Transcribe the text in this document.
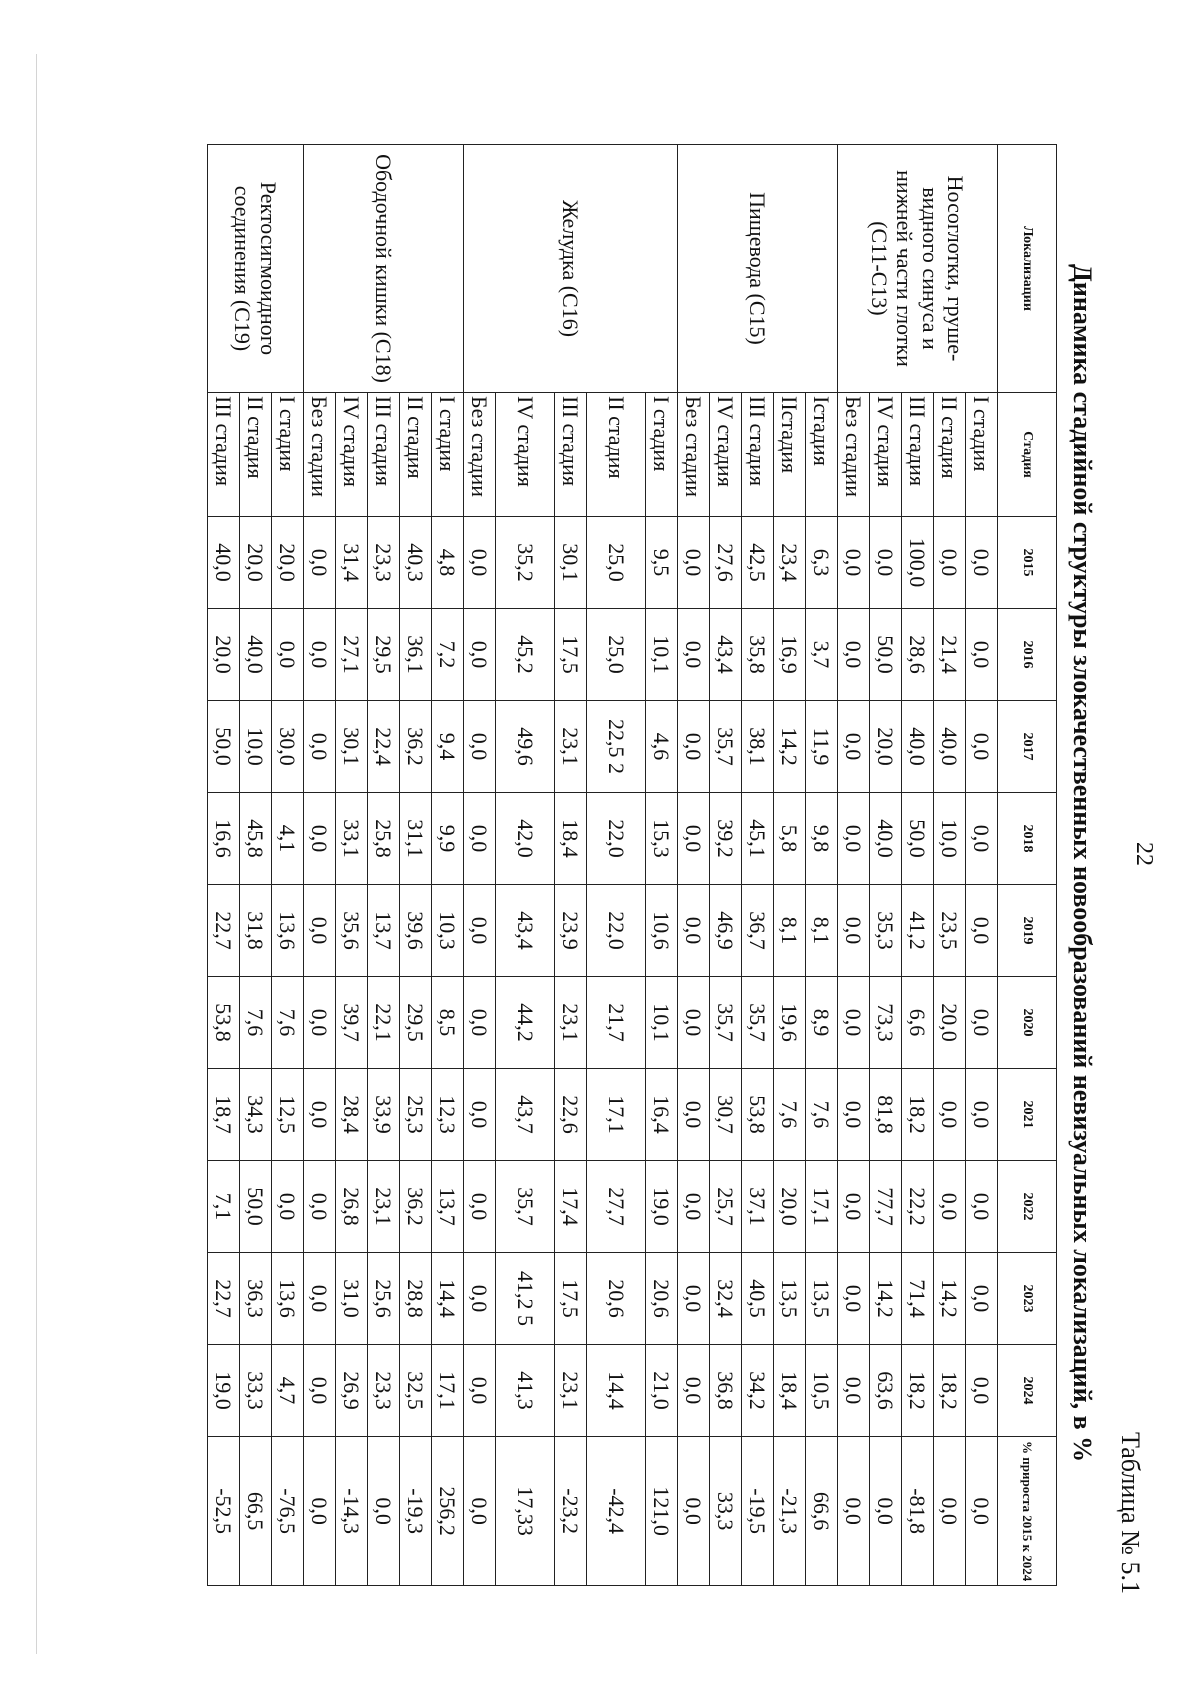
22
Таблица № 5.1
Динамика стадийной структуры злокачественных новообразований невизуальных локализаций, в %
Локализации	Стадия	2015	2016	2017	2018	2019	2020	2021	2022	2023	2024	% прироста 2015 к 2024
Носоглотки, груше-видного синуса и нижней части глотки (С11-С13)	I стадия	0,0	0,0	0,0	0,0	0,0	0,0	0,0	0,0	0,0	0,0	0,0
	II стадия	0,0	21,4	40,0	10,0	23,5	20,0	0,0	0,0	14,2	18,2	0,0
	III стадия	100,0	28,6	40,0	50,0	41,2	6,6	18,2	22,2	71,4	18,2	-81,8
	IV стадия	0,0	50,0	20,0	40,0	35,3	73,3	81,8	77,7	14,2	63,6	0,0
	Без стадии	0,0	0,0	0,0	0,0	0,0	0,0	0,0	0,0	0,0	0,0	0,0
Пищевода (С15)	Iстадия	6,3	3,7	11,9	9,8	8,1	8,9	7,6	17,1	13,5	10,5	66,6
	IIстадия	23,4	16,9	14,2	5,8	8,1	19,6	7,6	20,0	13,5	18,4	-21,3
	III стадия	42,5	35,8	38,1	45,1	36,7	35,7	53,8	37,1	40,5	34,2	-19,5
	IV стадия	27,6	43,4	35,7	39,2	46,9	35,7	30,7	25,7	32,4	36,8	33,3
	Без стадии	0,0	0,0	0,0	0,0	0,0	0,0	0,0	0,0	0,0	0,0	0,0
Желудка (С16)	I стадия	9,5	10,1	4,6	15,3	10,6	10,1	16,4	19,0	20,6	21,0	121,0
	II стадия	25,0	25,0	22,5 2	22,0	22,0	21,7	17,1	27,7	20,6	14,4	-42,4
	III стадия	30,1	17,5	23,1	18,4	23,9	23,1	22,6	17,4	17,5	23,1	-23,2
	IV стадия	35,2	45,2	49,6	42,0	43,4	44,2	43,7	35,7	41,2 5	41,3	17,33
	Без стадии	0,0	0,0	0,0	0,0	0,0	0,0	0,0	0,0	0,0	0,0	0,0
Ободочной кишки (С18)	I стадия	4,8	7,2	9,4	9,9	10,3	8,5	12,3	13,7	14,4	17,1	256,2
	II стадия	40,3	36,1	36,2	31,1	39,6	29,5	25,3	36,2	28,8	32,5	-19,3
	III стадия	23,3	29,5	22,4	25,8	13,7	22,1	33,9	23,1	25,6	23,3	0,0
	IV стадия	31,4	27,1	30,1	33,1	35,6	39,7	28,4	26,8	31,0	26,9	-14,3
	Без стадии	0,0	0,0	0,0	0,0	0,0	0,0	0,0	0,0	0,0	0,0	0,0
Ректосигмоидного соединения (С19)	I стадия	20,0	0,0	30,0	4,1	13,6	7,6	12,5	0,0	13,6	4,7	-76,5
	II стадия	20,0	40,0	10,0	45,8	31,8	7,6	34,3	50,0	36,3	33,3	66,5
	III стадия	40,0	20,0	50,0	16,6	22,7	53,8	18,7	7,1	22,7	19,0	-52,5
